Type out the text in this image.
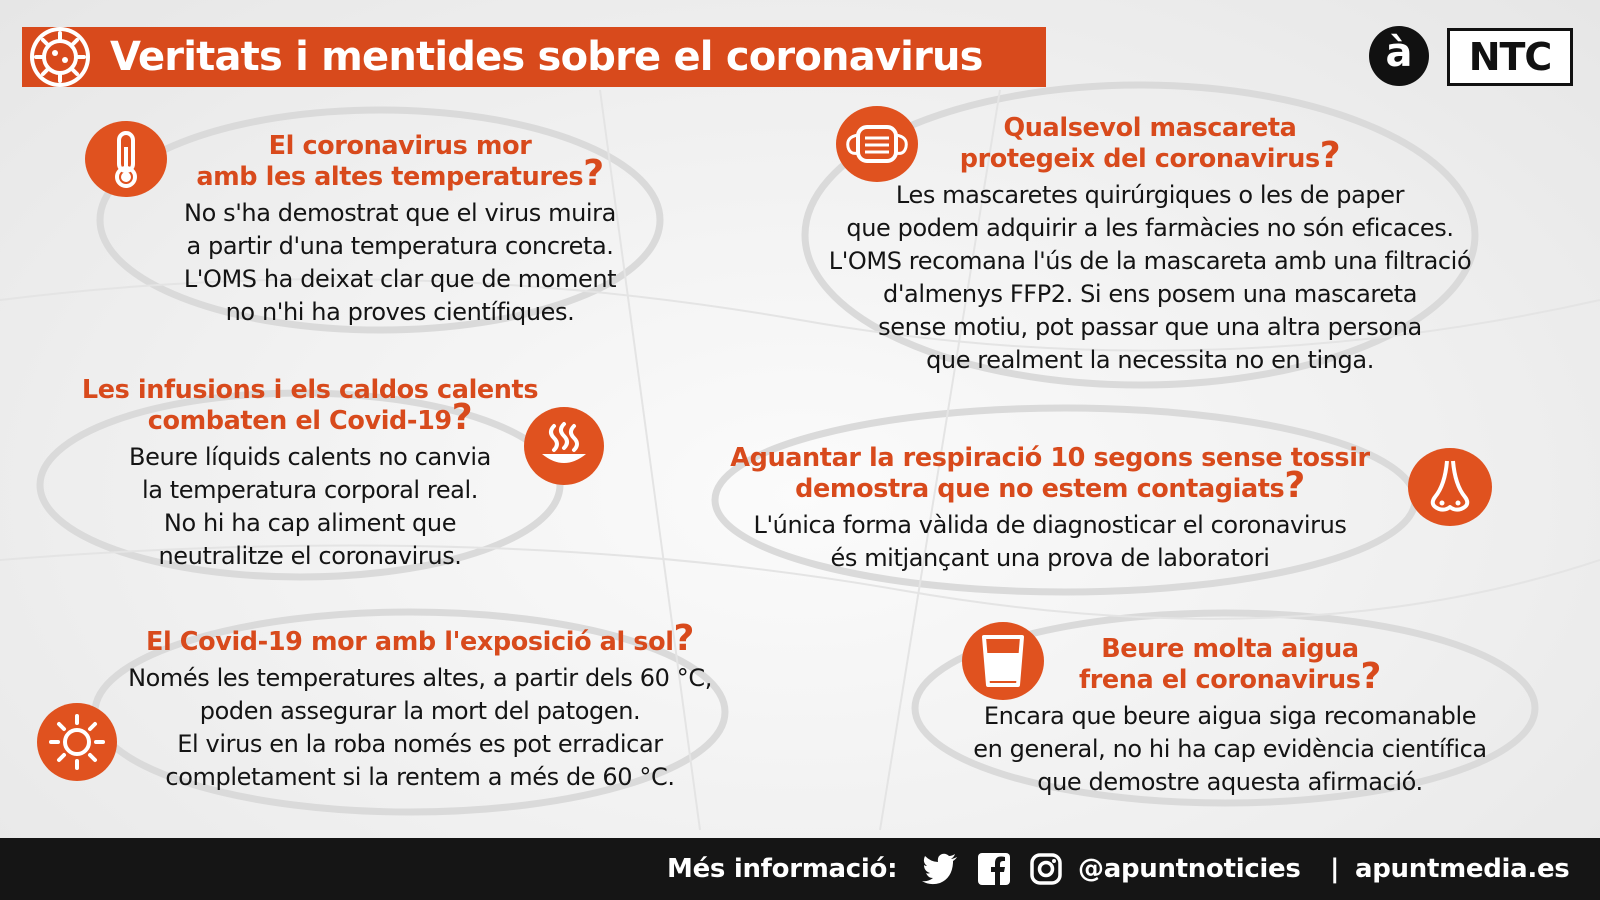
Veritats i mentides sobre el coronavirus	à	NTC
El coronavirus mor
amb les altes temperatures?
No s'ha demostrat que el virus muira
a partir d'una temperatura concreta.
L'OMS ha deixat clar que de moment
no n'hi ha proves científiques.
Qualsevol mascareta
protegeix del coronavirus?
Les mascaretes quirúrgiques o les de paper
que podem adquirir a les farmàcies no són eficaces.
L'OMS recomana l'ús de la mascareta amb una filtració
d'almenys FFP2. Si ens posem una mascareta
sense motiu, pot passar que una altra persona
que realment la necessita no en tinga.
Les infusions i els caldos calents
combaten el Covid-19?
Beure líquids calents no canvia
la temperatura corporal real.
No hi ha cap aliment que
neutralitze el coronavirus.
Aguantar la respiració 10 segons sense tossir
demostra que no estem contagiats?
L'única forma vàlida de diagnosticar el coronavirus
és mitjançant una prova de laboratori
El Covid-19 mor amb l'exposició al sol?
Només les temperatures altes, a partir dels 60 °C,
poden assegurar la mort del patogen.
El virus en la roba només es pot erradicar
completament si la rentem a més de 60 °C.
Beure molta aigua
frena el coronavirus?
Encara que beure aigua siga recomanable
en general, no hi ha cap evidència científica
que demostre aquesta afirmació.
Més informació:	@apuntnoticies | apuntmedia.es
